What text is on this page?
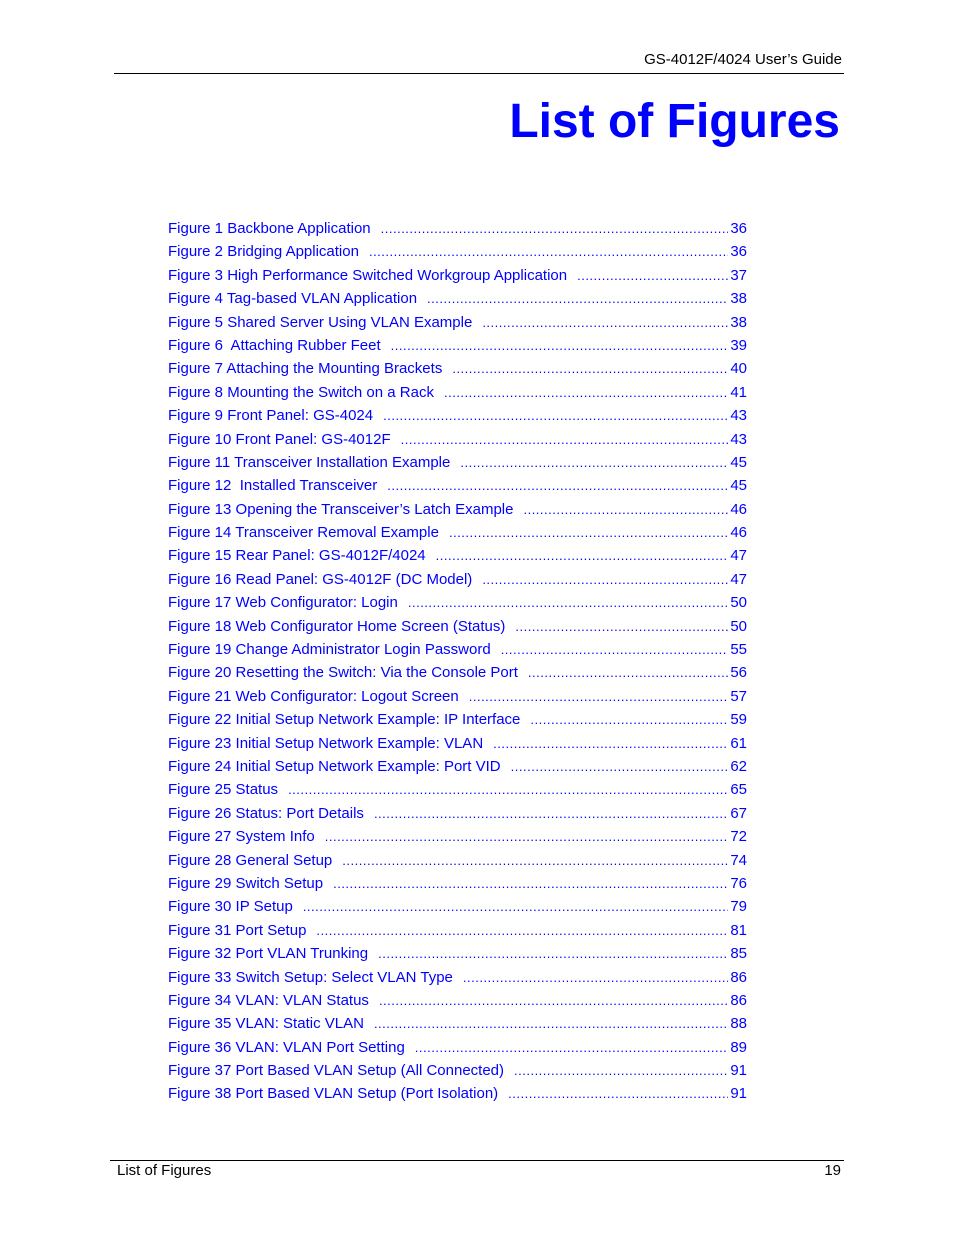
GS-4012F/4024 User’s Guide
List of Figures
Figure 1 Backbone Application .....	36
Figure 2 Bridging Application .....	36
Figure 3 High Performance Switched Workgroup Application .....	37
Figure 4 Tag-based VLAN Application .....	38
Figure 5 Shared Server Using VLAN Example .....	38
Figure 6  Attaching Rubber Feet .....	39
Figure 7 Attaching the Mounting Brackets .....	40
Figure 8 Mounting the Switch on a Rack .....	41
Figure 9 Front Panel: GS-4024 .....	43
Figure 10 Front Panel: GS-4012F .....	43
Figure 11 Transceiver Installation Example .....	45
Figure 12  Installed Transceiver .....	45
Figure 13 Opening the Transceiver’s Latch Example .....	46
Figure 14 Transceiver Removal Example .....	46
Figure 15 Rear Panel: GS-4012F/4024 .....	47
Figure 16 Read Panel: GS-4012F (DC Model) .....	47
Figure 17 Web Configurator: Login .....	50
Figure 18 Web Configurator Home Screen (Status) .....	50
Figure 19 Change Administrator Login Password .....	55
Figure 20 Resetting the Switch: Via the Console Port .....	56
Figure 21 Web Configurator: Logout Screen .....	57
Figure 22 Initial Setup Network Example: IP Interface .....	59
Figure 23 Initial Setup Network Example: VLAN .....	61
Figure 24 Initial Setup Network Example: Port VID .....	62
Figure 25 Status .....	65
Figure 26 Status: Port Details .....	67
Figure 27 System Info .....	72
Figure 28 General Setup .....	74
Figure 29 Switch Setup .....	76
Figure 30 IP Setup .....	79
Figure 31 Port Setup .....	81
Figure 32 Port VLAN Trunking .....	85
Figure 33 Switch Setup: Select VLAN Type .....	86
Figure 34 VLAN: VLAN Status .....	86
Figure 35 VLAN: Static VLAN .....	88
Figure 36 VLAN: VLAN Port Setting .....	89
Figure 37 Port Based VLAN Setup (All Connected) .....	91
Figure 38 Port Based VLAN Setup (Port Isolation) .....	91
List of Figures	19
